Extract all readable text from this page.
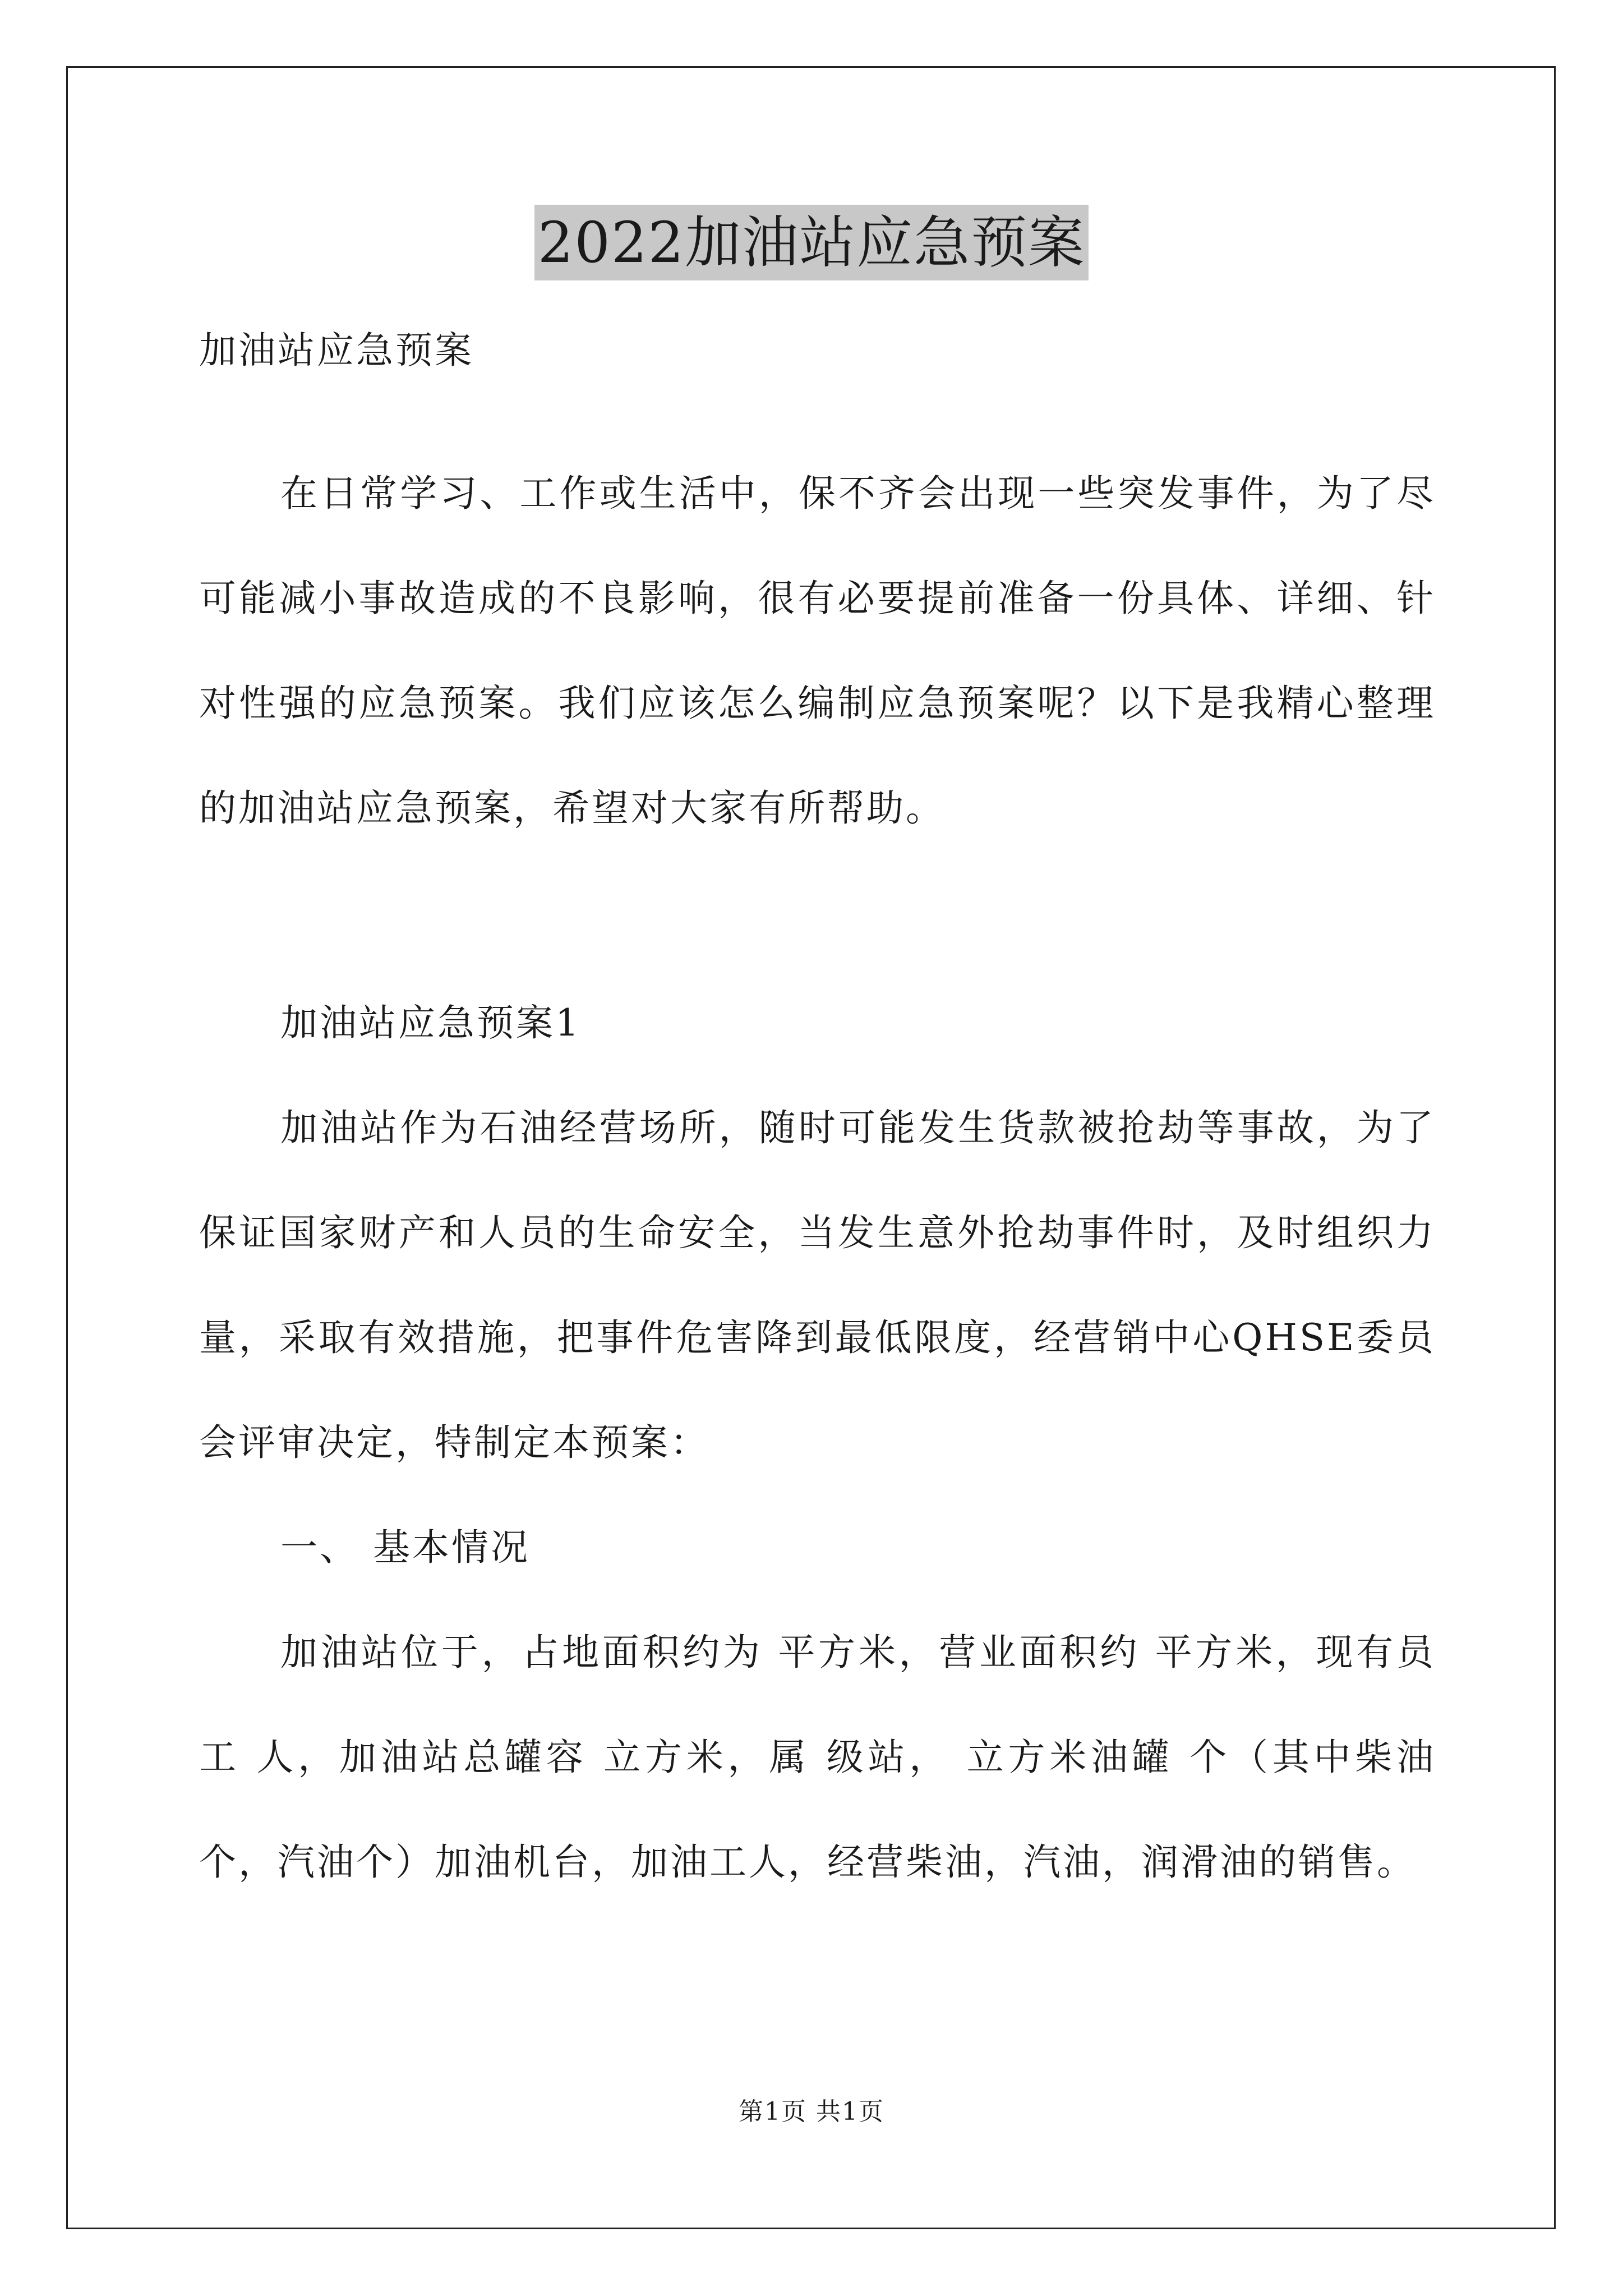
2022加油站应急预案

加油站应急预案

在日常学习、工作或生活中，保不齐会出现一些突发事件，为了尽可能减小事故造成的不良影响，很有必要提前准备一份具体、详细、针对性强的应急预案。我们应该怎么编制应急预案呢？以下是我精心整理的加油站应急预案，希望对大家有所帮助。

加油站应急预案1

加油站作为石油经营场所，随时可能发生货款被抢劫等事故，为了保证国家财产和人员的生命安全，当发生意外抢劫事件时，及时组织力量，采取有效措施，把事件危害降到最低限度，经营销中心QHSE委员会评审决定，特制定本预案：

一、 基本情况

加油站位于，占地面积约为 平方米，营业面积约 平方米，现有员工 人，加油站总罐容 立方米，属 级站， 立方米油罐 个（其中柴油个，汽油个）加油机台，加油工人，经营柴油，汽油，润滑油的销售。

第1页 共1页
